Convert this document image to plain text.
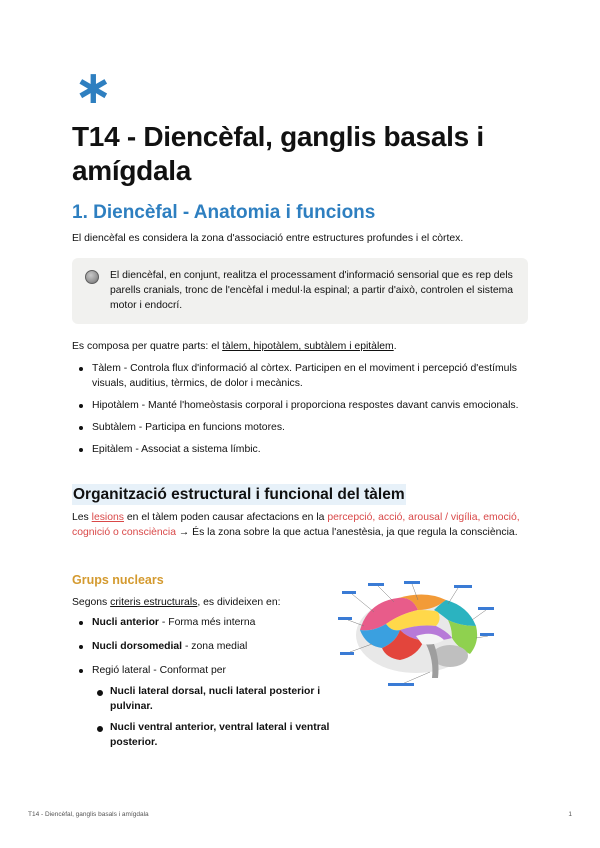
∗
T14 - Diencèfal, ganglis basals i amígdala
1. Diencèfal - Anatomia i funcions
El diencèfal es considera la zona d'associació entre estructures profundes i el còrtex.
El diencèfal, en conjunt, realitza el processament d'informació sensorial que es rep dels parells cranials, tronc de l'encèfal i medul·la espinal; a partir d'això, controlen el sistema motor i endocrí.
Es composa per quatre parts: el tàlem, hipotàlem, subtàlem i epitàlem.
Tàlem - Controla flux d'informació al còrtex. Participen en el moviment i percepció d'estímuls visuals, auditius, tèrmics, de dolor i mecànics.
Hipotàlem - Manté l'homeòstasis corporal i proporciona respostes davant canvis emocionals.
Subtàlem - Participa en funcions motores.
Epitàlem - Associat a sistema límbic.
Organització estructural i funcional del tàlem
Les lesions en el tàlem poden causar afectacions en la percepció, acció, arousal / vigília, emoció, cognició o consciència → És la zona sobre la que actua l'anestèsia, ja que regula la consciència.
Grups nuclears
Segons criteris estructurals, es divideixen en:
Nucli anterior - Forma més interna
Nucli dorsomedial - zona medial
Regió lateral - Conformat per
Nucli lateral dorsal, nucli lateral posterior i pulvinar.
Nucli ventral anterior, ventral lateral i ventral posterior.
T14 - Diencèfal, ganglis basals i amígdala	1
